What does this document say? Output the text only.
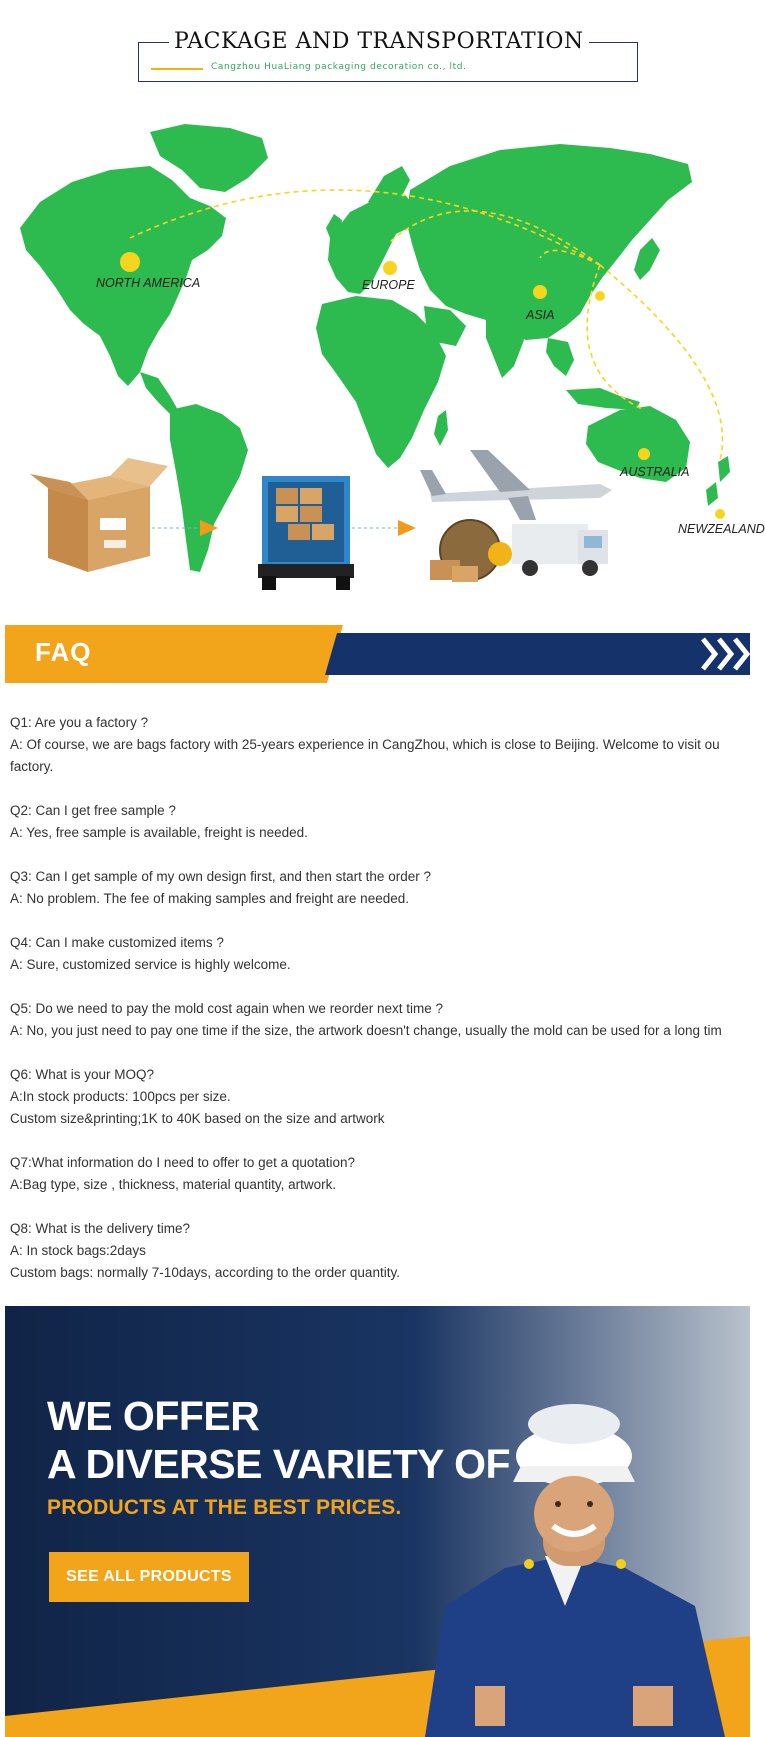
PACKAGE AND TRANSPORTATION
Cangzhou HuaLiang packaging decoration co., ltd.
NORTH AMERICA	EUROPE
ASIA
AUSTRALIA
NEWZEALAND
FAQ

Q1: Are you a factory ?

A: Of course, we are bags factory with 25-years experience in CangZhou, which is close to Beijing. Welcome to visit ou

factory.

Q2: Can I get free sample ?

A: Yes, free sample is available, freight is needed.

Q3: Can I get sample of my own design first, and then start the order ?

A: No problem. The fee of making samples and freight are needed.

Q4: Can I make customized items ?

A: Sure, customized service is highly welcome.

Q5: Do we need to pay the mold cost again when we reorder next time ?

A: No, you just need to pay one time if the size, the artwork doesn't change, usually the mold can be used for a long tim

Q6: What is your MOQ?

A:In stock products: 100pcs per size.

Custom size&printing;1K to 40K based on the size and artwork

Q7:What information do I need to offer to get a quotation?

A:Bag type, size , thickness, material quantity, artwork.

Q8: What is the delivery time?

A: In stock bags:2days

Custom bags: normally 7-10days, according to the order quantity.

WE OFFER
A DIVERSE VARIETY OF
PRODUCTS AT THE BEST PRICES.
SEE ALL PRODUCTS
